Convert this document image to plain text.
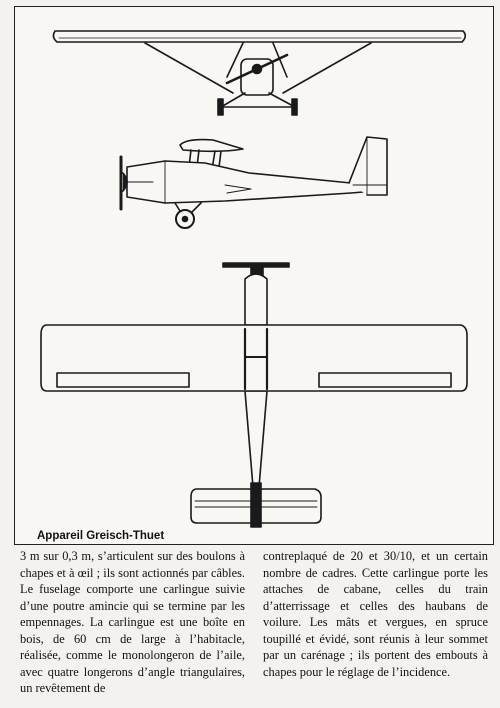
Appareil Greisch-Thuet

3 m sur 0,3 m, s’articulent sur des boulons à chapes et à œil ; ils sont actionnés par câbles. Le fuselage comporte une carlingue suivie d’une poutre amincie qui se termine par les empennages. La carlingue est une boîte en bois, de 60 cm de large à l’habitacle, réalisée, comme le monolongeron de l’aile, avec quatre longerons d’angle triangulaires, un revêtement de

contreplaqué de 20 et 30/10, et un certain nombre de cadres. Cette carlingue porte les attaches de cabane, celles du train d’atterrissage et celles des haubans de voilure. Les mâts et vergues, en spruce toupillé et évidé, sont réunis à leur sommet par un carénage ; ils portent des embouts à chapes pour le réglage de l’incidence.
